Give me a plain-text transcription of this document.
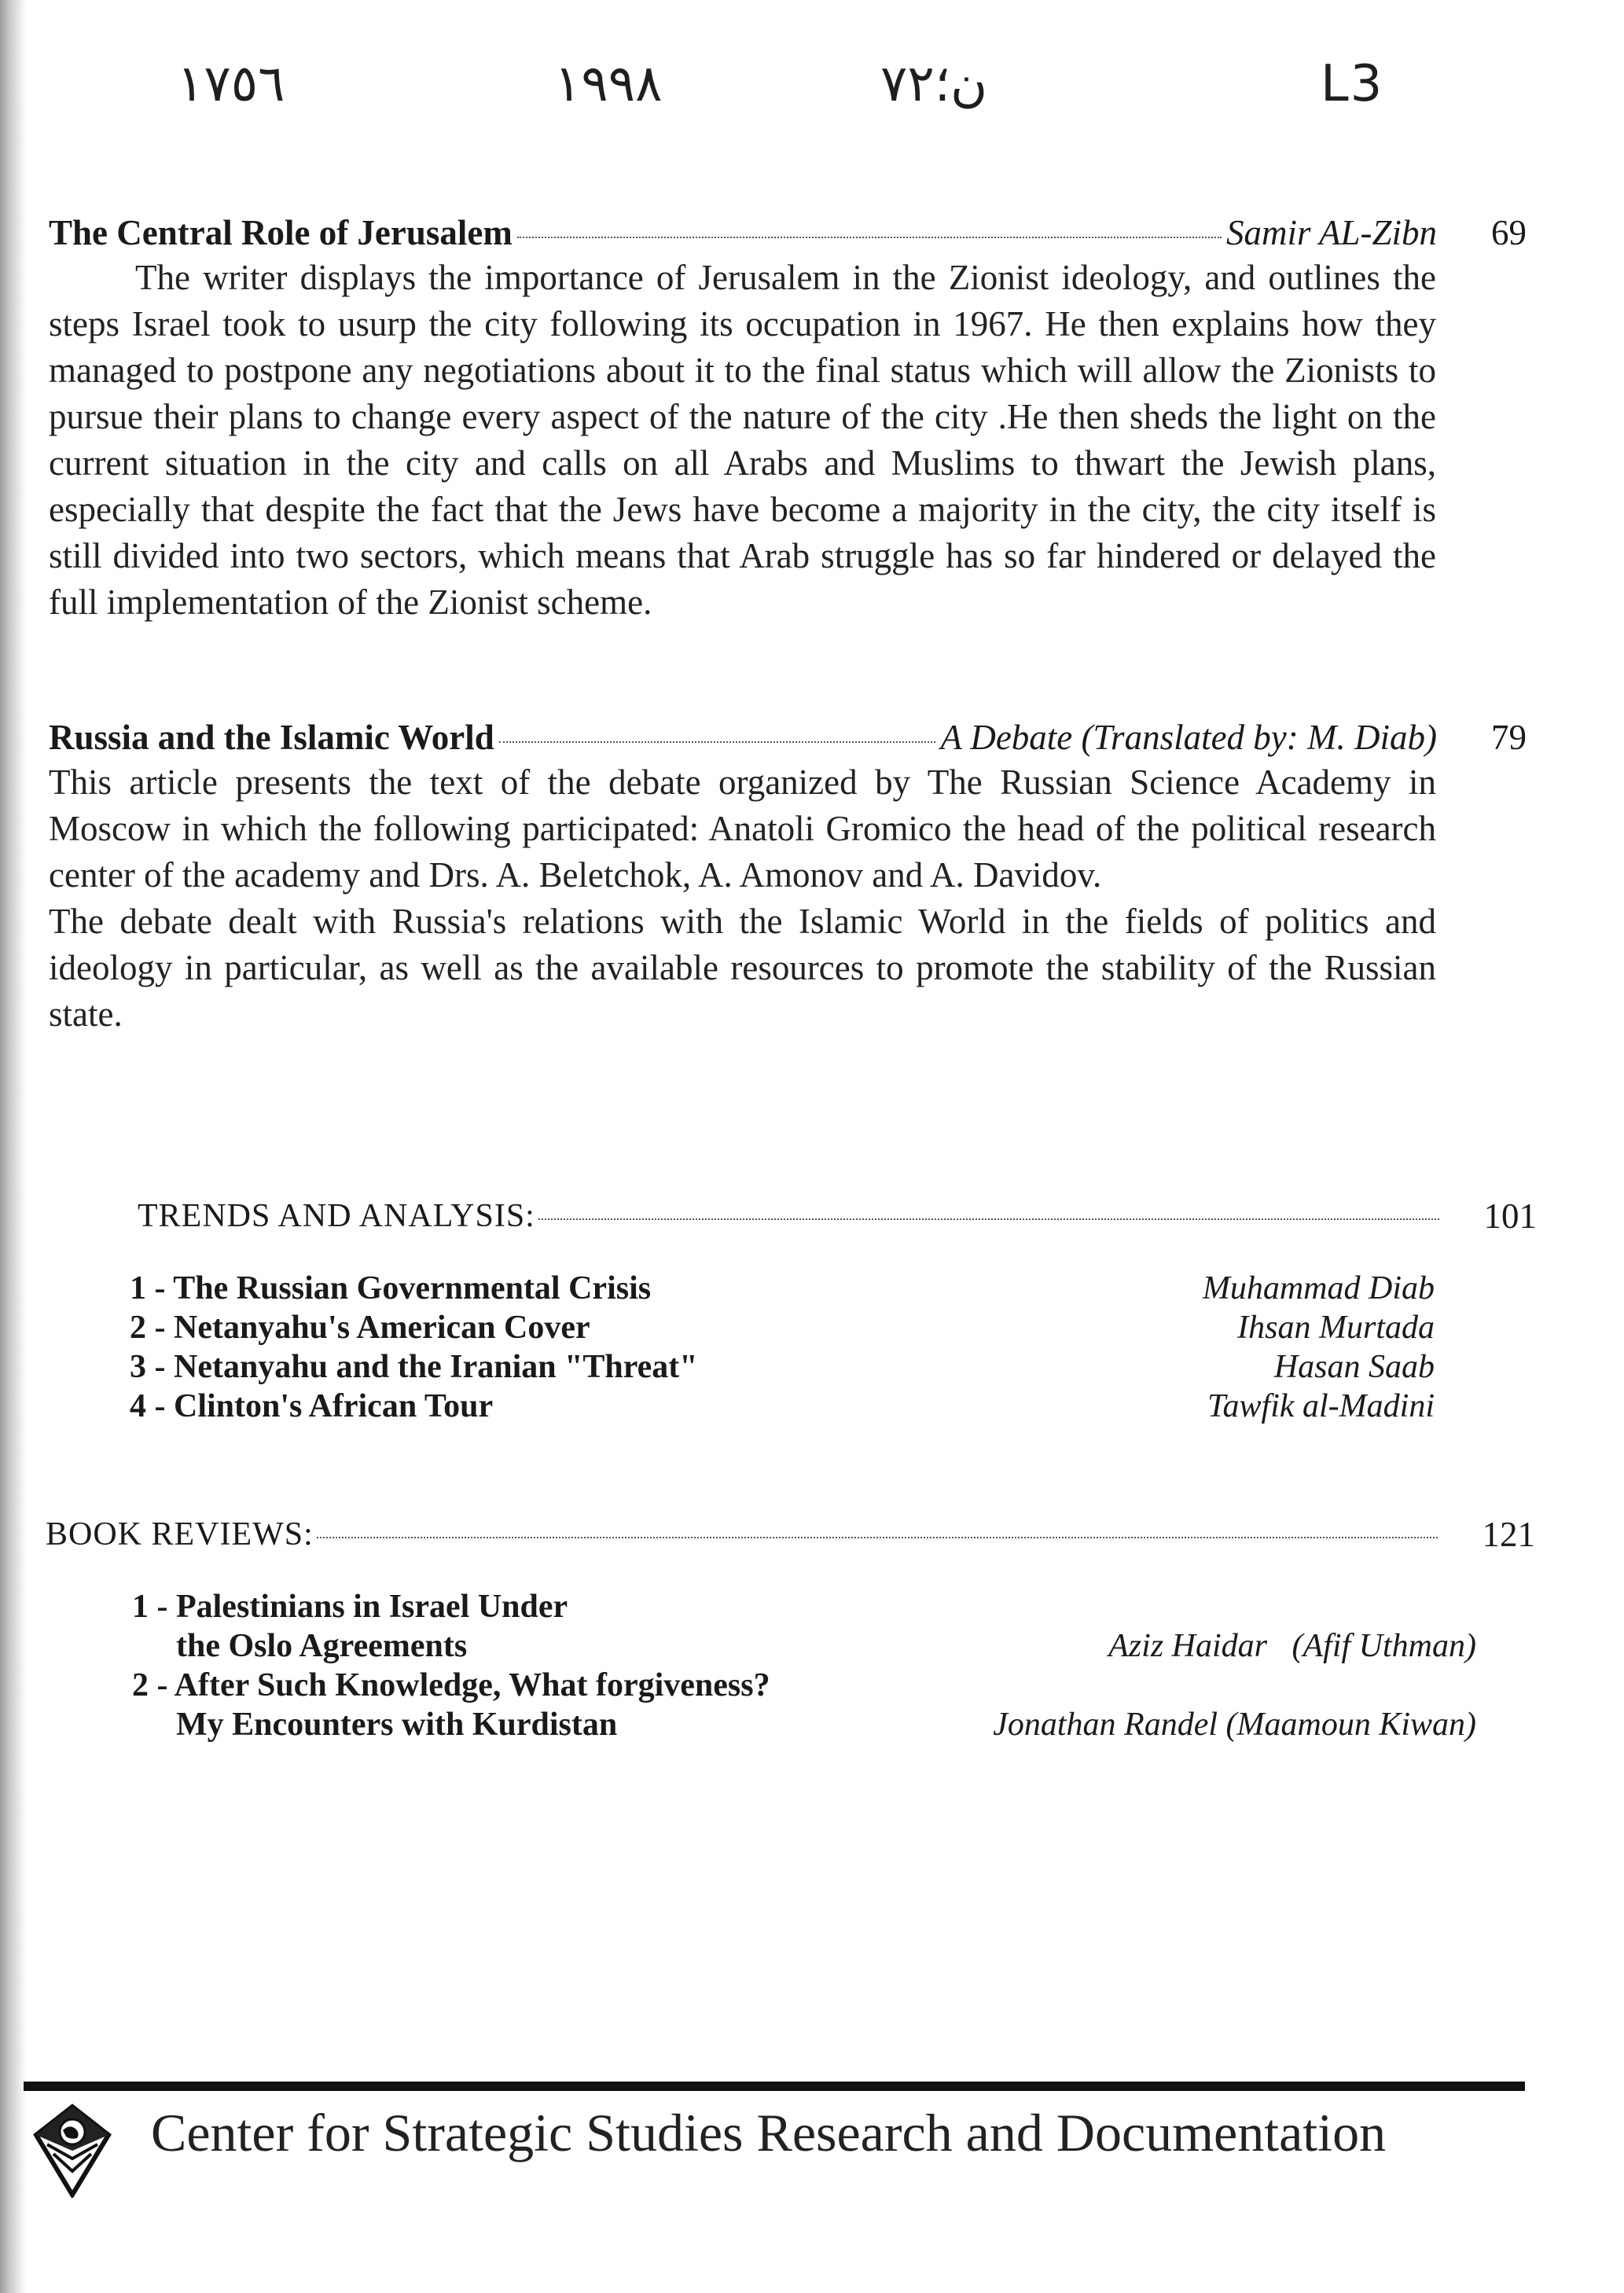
١٧٥٦	١٩٩٨	ن؛٧٢	L3
The Central Role of Jerusalem	Samir AL-Zibn	69

The writer displays the importance of Jerusalem in the Zionist ideology, and outlines the steps Israel took to usurp the city following its occupation in 1967. He then explains how they managed to postpone any negotiations about it to the final status which will allow the Zionists to pursue their plans to change every aspect of the nature of the city .He then sheds the light on the current situation in the city and calls on all Arabs and Muslims to thwart the Jewish plans, especially that despite the fact that the Jews have become a majority in the city, the city itself is still divided into two sectors, which means that Arab struggle has so far hindered or delayed the full implementation of the Zionist scheme.

Russia and the Islamic World	A Debate (Translated by: M. Diab)	79

This article presents the text of the debate organized by The Russian Science Academy in Moscow in which the following participated: Anatoli Gromico the head of the political research center of the academy and Drs. A. Beletchok, A. Amonov and A. Davidov.

The debate dealt with Russia's relations with the Islamic World in the fields of politics and ideology in particular, as well as the available resources to promote the stability of the Russian state.

TRENDS AND ANALYSIS:	101
1 - The Russian Governmental Crisis	Muhammad Diab
2 - Netanyahu's American Cover	Ihsan Murtada
3 - Netanyahu and the Iranian "Threat"	Hasan Saab
4 - Clinton's African Tour	Tawfik al-Madini
BOOK REVIEWS:	121
1 - Palestinians in Israel Under
the Oslo Agreements	Aziz Haidar   (Afif Uthman)
2 - After Such Knowledge, What forgiveness?
My Encounters with Kurdistan	Jonathan Randel (Maamoun Kiwan)
Center for Strategic Studies Research and Documentation
